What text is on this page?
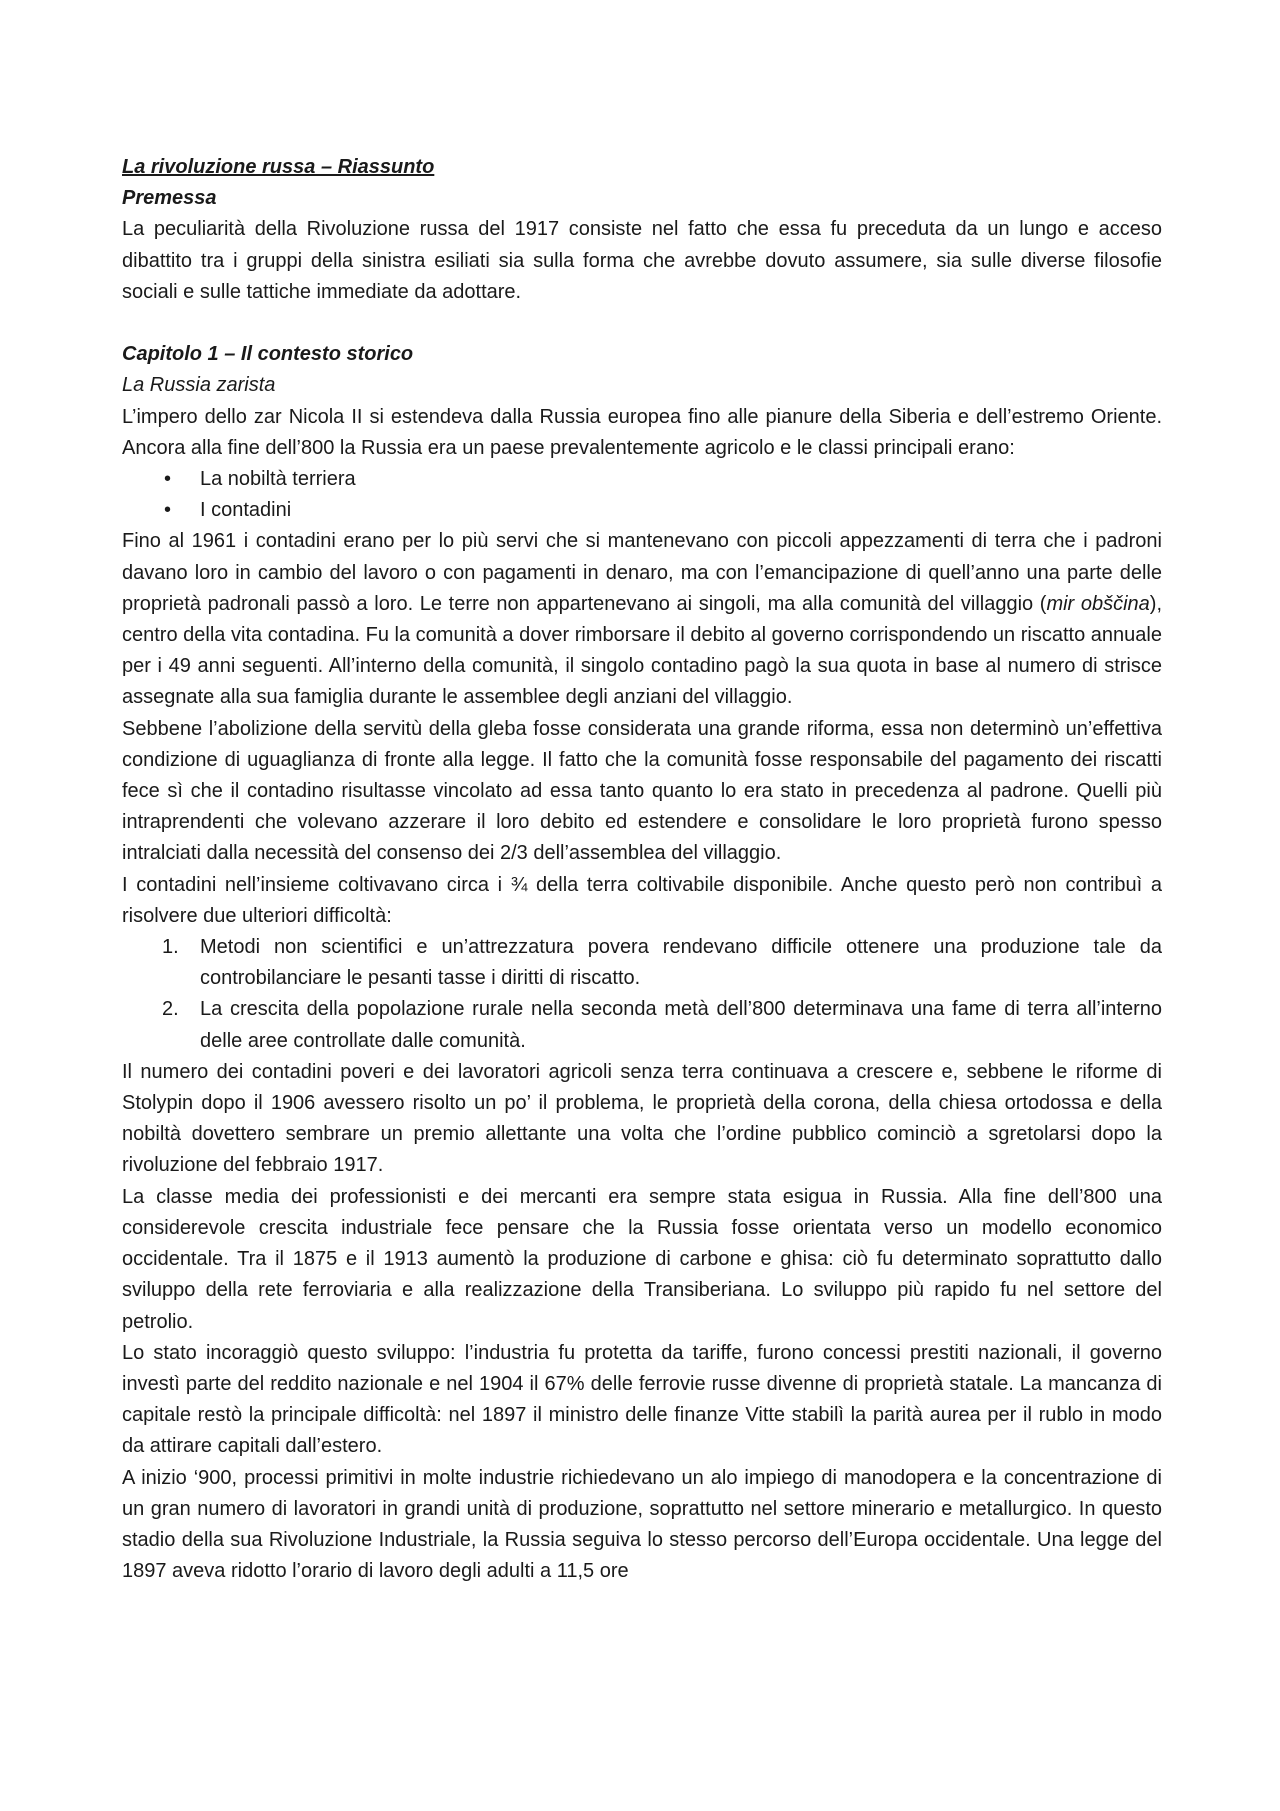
La rivoluzione russa – Riassunto
Premessa

La peculiarità della Rivoluzione russa del 1917 consiste nel fatto che essa fu preceduta da un lungo e acceso dibattito tra i gruppi della sinistra esiliati sia sulla forma che avrebbe dovuto assumere, sia sulle diverse filosofie sociali e sulle tattiche immediate da adottare.

Capitolo 1 – Il contesto storico
La Russia zarista

L’impero dello zar Nicola II si estendeva dalla Russia europea fino alle pianure della Siberia e dell’estremo Oriente. Ancora alla fine dell’800 la Russia era un paese prevalentemente agricolo e le classi principali erano:

• La nobiltà terriera
• I contadini

Fino al 1961 i contadini erano per lo più servi che si mantenevano con piccoli appezzamenti di terra che i padroni davano loro in cambio del lavoro o con pagamenti in denaro, ma con l’emancipazione di quell’anno una parte delle proprietà padronali passò a loro. Le terre non appartenevano ai singoli, ma alla comunità del villaggio (mir obščina), centro della vita contadina. Fu la comunità a dover rimborsare il debito al governo corrispondendo un riscatto annuale per i 49 anni seguenti. All’interno della comunità, il singolo contadino pagò la sua quota in base al numero di strisce assegnate alla sua famiglia durante le assemblee degli anziani del villaggio.

Sebbene l’abolizione della servitù della gleba fosse considerata una grande riforma, essa non determinò un’effettiva condizione di uguaglianza di fronte alla legge. Il fatto che la comunità fosse responsabile del pagamento dei riscatti fece sì che il contadino risultasse vincolato ad essa tanto quanto lo era stato in precedenza al padrone. Quelli più intraprendenti che volevano azzerare il loro debito ed estendere e consolidare le loro proprietà furono spesso intralciati dalla necessità del consenso dei 2/3 dell’assemblea del villaggio.

I contadini nell’insieme coltivavano circa i ¾ della terra coltivabile disponibile. Anche questo però non contribuì a risolvere due ulteriori difficoltà:

1. Metodi non scientifici e un’attrezzatura povera rendevano difficile ottenere una produzione tale da controbilanciare le pesanti tasse i diritti di riscatto.
2. La crescita della popolazione rurale nella seconda metà dell’800 determinava una fame di terra all’interno delle aree controllate dalle comunità.

Il numero dei contadini poveri e dei lavoratori agricoli senza terra continuava a crescere e, sebbene le riforme di Stolypin dopo il 1906 avessero risolto un po’ il problema, le proprietà della corona, della chiesa ortodossa e della nobiltà dovettero sembrare un premio allettante una volta che l’ordine pubblico cominciò a sgretolarsi dopo la rivoluzione del febbraio 1917.

La classe media dei professionisti e dei mercanti era sempre stata esigua in Russia. Alla fine dell’800 una considerevole crescita industriale fece pensare che la Russia fosse orientata verso un modello economico occidentale. Tra il 1875 e il 1913 aumentò la produzione di carbone e ghisa: ciò fu determinato soprattutto dallo sviluppo della rete ferroviaria e alla realizzazione della Transiberiana. Lo sviluppo più rapido fu nel settore del petrolio.

Lo stato incoraggiò questo sviluppo: l’industria fu protetta da tariffe, furono concessi prestiti nazionali, il governo investì parte del reddito nazionale e nel 1904 il 67% delle ferrovie russe divenne di proprietà statale. La mancanza di capitale restò la principale difficoltà: nel 1897 il ministro delle finanze Vitte stabilì la parità aurea per il rublo in modo da attirare capitali dall’estero.

A inizio ‘900, processi primitivi in molte industrie richiedevano un alo impiego di manodopera e la concentrazione di un gran numero di lavoratori in grandi unità di produzione, soprattutto nel settore minerario e metallurgico. In questo stadio della sua Rivoluzione Industriale, la Russia seguiva lo stesso percorso dell’Europa occidentale. Una legge del 1897 aveva ridotto l’orario di lavoro degli adulti a 11,5 ore
